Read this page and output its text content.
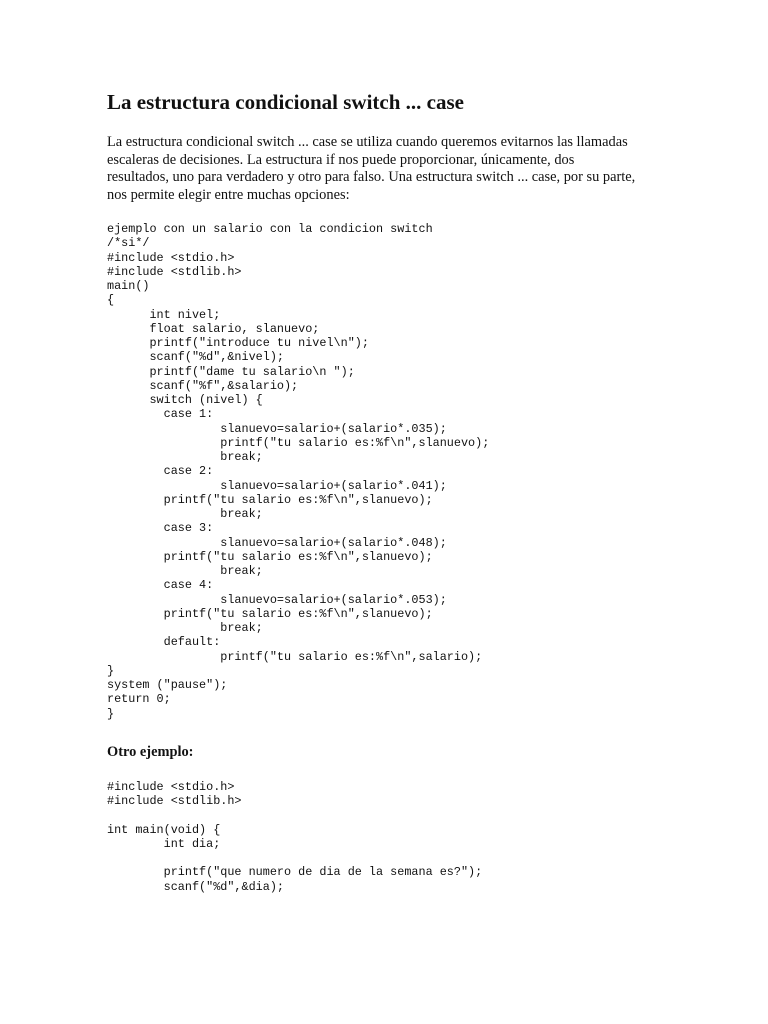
La estructura condicional switch ... case

La estructura condicional switch ... case se utiliza cuando queremos evitarnos las llamadas
escaleras de decisiones. La estructura if nos puede proporcionar, únicamente, dos
resultados, uno para verdadero y otro para falso. Una estructura switch ... case, por su parte,
nos permite elegir entre muchas opciones:

ejemplo con un salario con la condicion switch
/*si*/
#include <stdio.h>
#include <stdlib.h>
main()
{
int nivel;
float salario, slanuevo;
printf("introduce tu nivel\n");
scanf("%d",&nivel);
printf("dame tu salario\n ");
scanf("%f",&salario);
switch (nivel) {
case 1:
slanuevo=salario+(salario*.035);
printf("tu salario es:%f\n",slanuevo);
break;
case 2:
slanuevo=salario+(salario*.041);
printf("tu salario es:%f\n",slanuevo);
break;
case 3:
slanuevo=salario+(salario*.048);
printf("tu salario es:%f\n",slanuevo);
break;
case 4:
slanuevo=salario+(salario*.053);
printf("tu salario es:%f\n",slanuevo);
break;
default:
printf("tu salario es:%f\n",salario);
}
system ("pause");
return 0;
}
Otro ejemplo:
#include <stdio.h>
#include <stdlib.h>
int main(void) {
int dia;
printf("que numero de dia de la semana es?");
scanf("%d",&dia);
